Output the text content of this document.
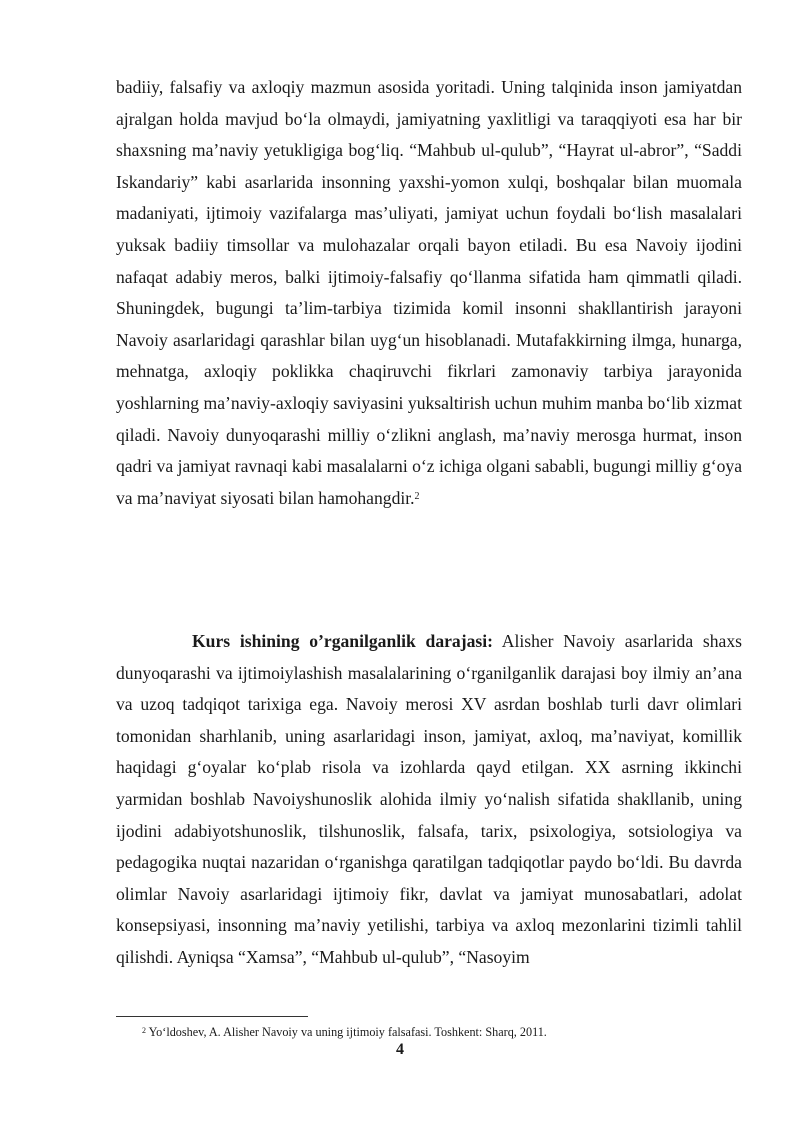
badiiy, falsafiy va axloqiy mazmun asosida yoritadi. Uning talqinida inson jamiyatdan ajralgan holda mavjud bo‘la olmaydi, jamiyatning yaxlitligi va taraqqiyoti esa har bir shaxsning ma’naviy yetukligiga bog‘liq. “Mahbub ul-qulub”, “Hayrat ul-abror”, “Saddi Iskandariy” kabi asarlarida insonning yaxshi-yomon xulqi, boshqalar bilan muomala madaniyati, ijtimoiy vazifalarga mas’uliyati, jamiyat uchun foydali bo‘lish masalalari yuksak badiiy timsollar va mulohazalar orqali bayon etiladi. Bu esa Navoiy ijodini nafaqat adabiy meros, balki ijtimoiy-falsafiy qo‘llanma sifatida ham qimmatli qiladi. Shuningdek, bugungi ta’lim-tarbiya tizimida komil insonni shakllantirish jarayoni Navoiy asarlaridagi qarashlar bilan uyg‘un hisoblanadi. Mutafakkirning ilmga, hunarga, mehnatga, axloqiy poklikka chaqiruvchi fikrlari zamonaviy tarbiya jarayonida yoshlarning ma’naviy-axloqiy saviyasini yuksaltirish uchun muhim manba bo‘lib xizmat qiladi. Navoiy dunyoqarashi milliy o‘zlikni anglash, ma’naviy merosga hurmat, inson qadri va jamiyat ravnaqi kabi masalalarni o‘z ichiga olgani sababli, bugungi milliy g‘oya va ma’naviyat siyosati bilan hamohangdir.$^2$

Kurs ishining o’rganilganlik darajasi: Alisher Navoiy asarlarida shaxs dunyoqarashi va ijtimoiylashish masalalarining o‘rganilganlik darajasi boy ilmiy an’ana va uzoq tadqiqot tarixiga ega. Navoiy merosi XV asrdan boshlab turli davr olimlari tomonidan sharhlanib, uning asarlaridagi inson, jamiyat, axloq, ma’naviyat, komillik haqidagi g‘oyalar ko‘plab risola va izohlarda qayd etilgan. XX asrning ikkinchi yarmidan boshlab Navoiyshunoslik alohida ilmiy yo‘nalish sifatida shakllanib, uning ijodini adabiyotshunoslik, tilshunoslik, falsafa, tarix, psixologiya, sotsiologiya va pedagogika nuqtai nazaridan o‘rganishga qaratilgan tadqiqotlar paydo bo‘ldi. Bu davrda olimlar Navoiy asarlaridagi ijtimoiy fikr, davlat va jamiyat munosabatlari, adolat konsepsiyasi, insonning ma’naviy yetilishi, tarbiya va axloq mezonlarini tizimli tahlil qilishdi. Ayniqsa “Xamsa”, “Mahbub ul-qulub”, “Nasoyim

$^2$ Yo‘ldoshev, A. Alisher Navoiy va uning ijtimoiy falsafasi. Toshkent: Sharq, 2011.

4
